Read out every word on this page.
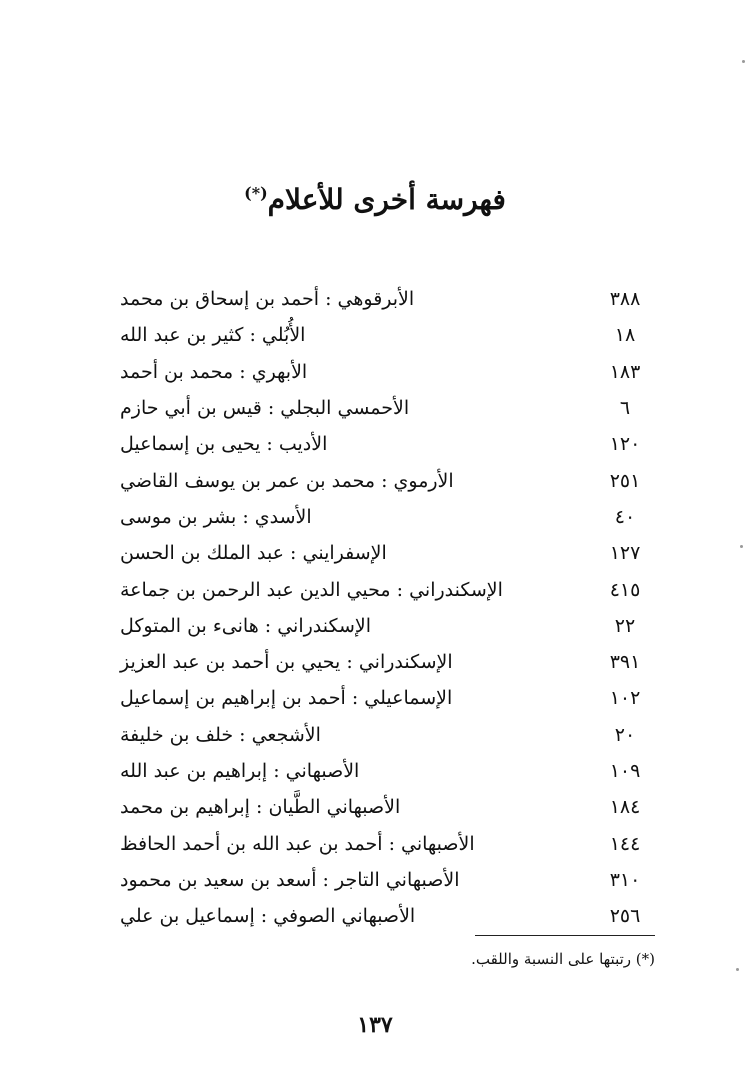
فهرسة أخرى للأعلام(*)
الأبرقوهي : أحمد بن إسحاق بن محمد	٣٨٨
الأُبُلي : كثير بن عبد الله	١٨
الأبهري : محمد بن أحمد	١٨٣
الأحمسي البجلي : قيس بن أبي حازم	٦
الأديب : يحيى بن إسماعيل	١٢٠
الأرموي : محمد بن عمر بن يوسف القاضي	٢٥١
الأسدي : بشر بن موسى	٤٠
الإسفرايني : عبد الملك بن الحسن	١٢٧
الإسكندراني : محيي الدين عبد الرحمن بن جماعة	٤١٥
الإسكندراني : هانىء بن المتوكل	٢٢
الإسكندراني : يحيي بن أحمد بن عبد العزيز	٣٩١
الإسماعيلي : أحمد بن إبراهيم بن إسماعيل	١٠٢
الأشجعي : خلف بن خليفة	٢٠
الأصبهاني : إبراهيم بن عبد الله	١٠٩
الأصبهاني الطَّيان : إبراهيم بن محمد	١٨٤
الأصبهاني : أحمد بن عبد الله بن أحمد الحافظ	١٤٤
الأصبهاني التاجر : أسعد بن سعيد بن محمود	٣١٠
الأصبهاني الصوفي : إسماعيل بن علي	٢٥٦
(*) رتبتها على النسبة واللقب.
١٣٧
